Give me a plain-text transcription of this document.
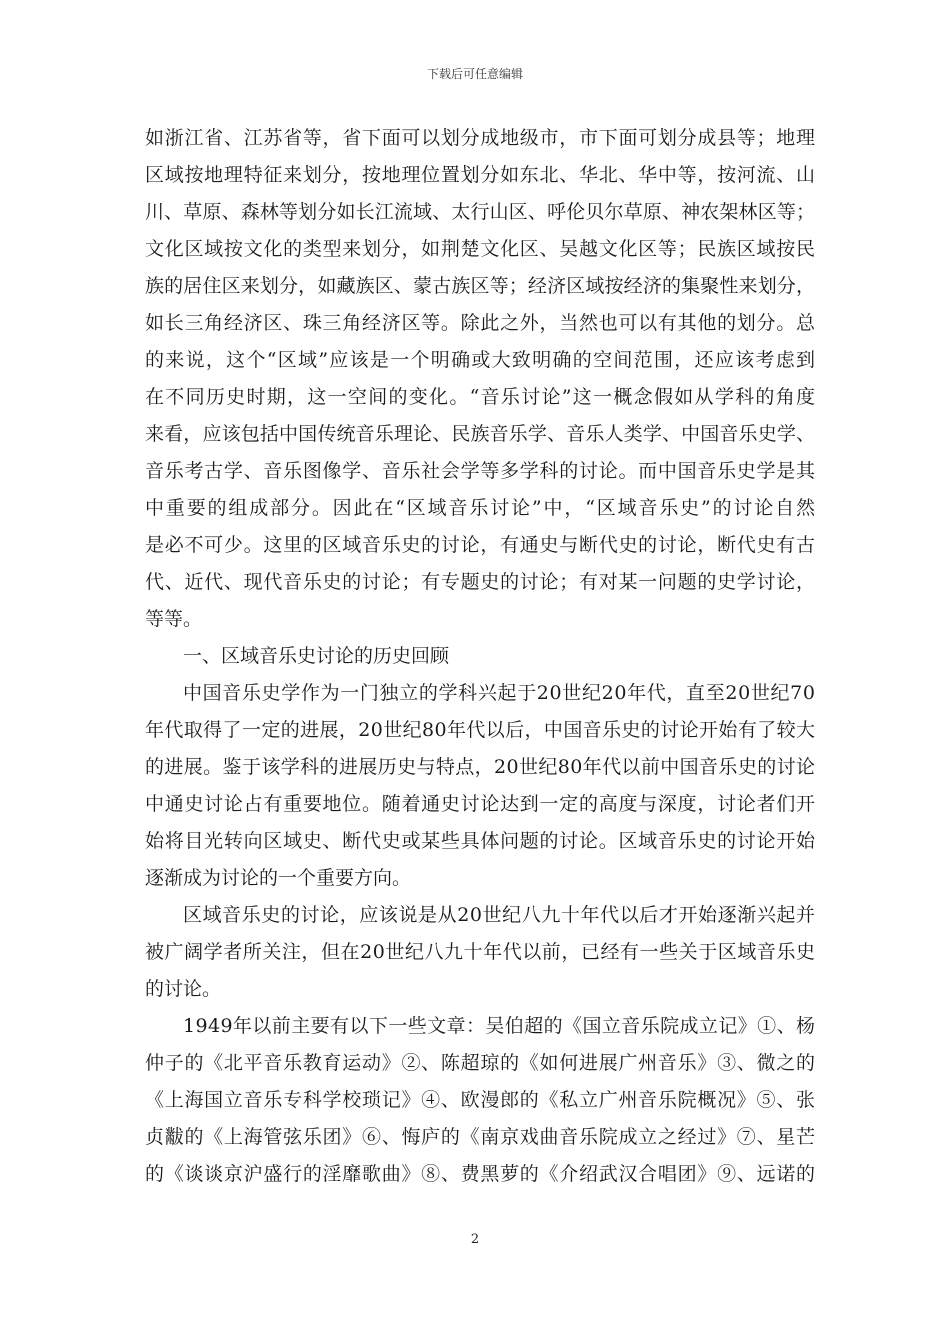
下载后可任意编辑
如浙江省、江苏省等，省下面可以划分成地级市，市下面可划分成县等；地理
区域按地理特征来划分，按地理位置划分如东北、华北、华中等，按河流、山
川、草原、森林等划分如长江流域、太行山区、呼伦贝尔草原、神农架林区等；
文化区域按文化的类型来划分，如荆楚文化区、吴越文化区等；民族区域按民
族的居住区来划分，如藏族区、蒙古族区等；经济区域按经济的集聚性来划分，
如长三角经济区、珠三角经济区等。除此之外，当然也可以有其他的划分。总
的来说，这个“区域”应该是一个明确或大致明确的空间范围，还应该考虑到
在不同历史时期，这一空间的变化。“音乐讨论”这一概念假如从学科的角度
来看，应该包括中国传统音乐理论、民族音乐学、音乐人类学、中国音乐史学、
音乐考古学、音乐图像学、音乐社会学等多学科的讨论。而中国音乐史学是其
中重要的组成部分。因此在“区域音乐讨论”中，“区域音乐史”的讨论自然
是必不可少。这里的区域音乐史的讨论，有通史与断代史的讨论，断代史有古
代、近代、现代音乐史的讨论；有专题史的讨论；有对某一问题的史学讨论，
等等。
一、区域音乐史讨论的历史回顾
中国音乐史学作为一门独立的学科兴起于20世纪20年代，直至20世纪70
年代取得了一定的进展，20世纪80年代以后，中国音乐史的讨论开始有了较大
的进展。鉴于该学科的进展历史与特点，20世纪80年代以前中国音乐史的讨论
中通史讨论占有重要地位。随着通史讨论达到一定的高度与深度，讨论者们开
始将目光转向区域史、断代史或某些具体问题的讨论。区域音乐史的讨论开始
逐渐成为讨论的一个重要方向。
区域音乐史的讨论，应该说是从20世纪八九十年代以后才开始逐渐兴起并
被广阔学者所关注，但在20世纪八九十年代以前，已经有一些关于区域音乐史
的讨论。
1949年以前主要有以下一些文章：吴伯超的《国立音乐院成立记》①、杨
仲子的《北平音乐教育运动》②、陈超琼的《如何进展广州音乐》③、微之的
《上海国立音乐专科学校琐记》④、欧漫郎的《私立广州音乐院概况》⑤、张
贞黻的《上海管弦乐团》⑥、悔庐的《南京戏曲音乐院成立之经过》⑦、星芒
的《谈谈京沪盛行的淫靡歌曲》⑧、费黑萝的《介绍武汉合唱团》⑨、远诺的
2
